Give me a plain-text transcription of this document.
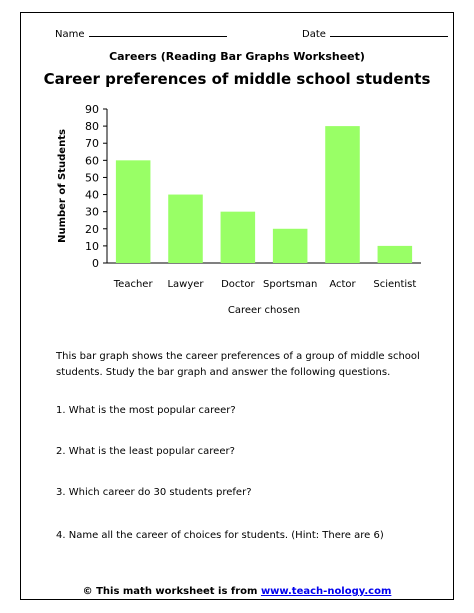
Name	Date
Careers (Reading Bar Graphs Worksheet)
Career preferences of middle school students
0
10
20
30
40
50
60
70
80
90
Teacher Lawyer Doctor Sportsman Actor Scientist
Career chosen
Number of Students
This bar graph shows the career preferences of a group of middle school students. Study the bar graph and answer the following questions.
1. What is the most popular career?
2. What is the least popular career?
3. Which career do 30 students prefer?
4. Name all the career of choices for students. (Hint: There are 6)
© This math worksheet is from www.teach-nology.com
